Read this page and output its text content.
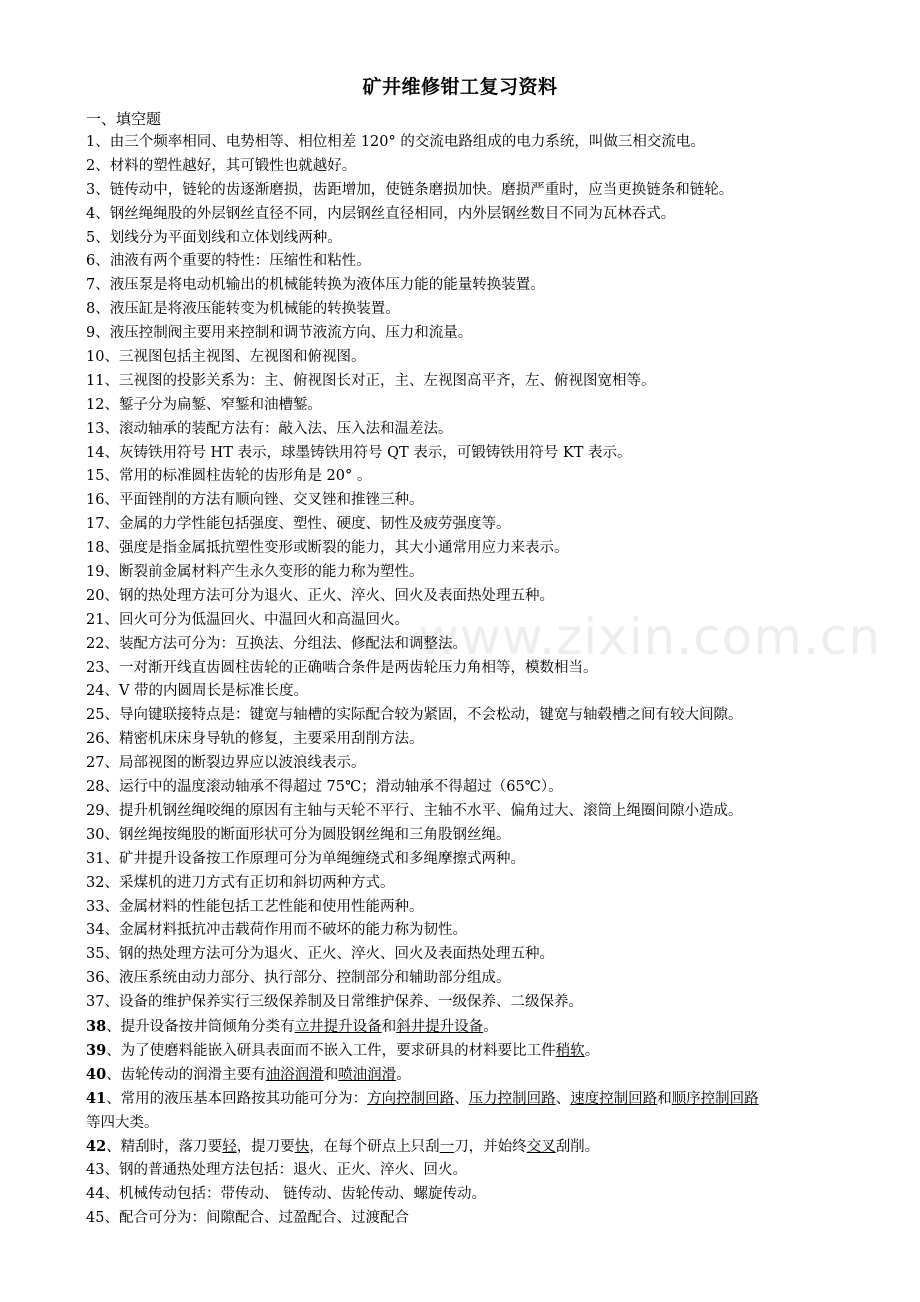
矿井维修钳工复习资料
一、填空题
www.zixin.com.cn
1、由三个频率相同、电势相等、相位相差 120° 的交流电路组成的电力系统，叫做三相交流电。
2、材料的塑性越好，其可锻性也就越好。
3、链传动中，链轮的齿逐渐磨损，齿距增加，使链条磨损加快。磨损严重时，应当更换链条和链轮。
4、钢丝绳绳股的外层钢丝直径不同，内层钢丝直径相同，内外层钢丝数目不同为瓦林吞式。
5、划线分为平面划线和立体划线两种。
6、油液有两个重要的特性：压缩性和粘性。
7、液压泵是将电动机输出的机械能转换为液体压力能的能量转换装置。
8、液压缸是将液压能转变为机械能的转换装置。
9、液压控制阀主要用来控制和调节液流方向、压力和流量。
10、三视图包括主视图、左视图和俯视图。
11、三视图的投影关系为：主、俯视图长对正，主、左视图高平齐，左、俯视图宽相等。
12、錾子分为扁錾、窄錾和油槽錾。
13、滚动轴承的装配方法有：敲入法、压入法和温差法。
14、灰铸铁用符号 HT 表示，球墨铸铁用符号 QT 表示，可锻铸铁用符号 KT 表示。
15、常用的标准圆柱齿轮的齿形角是 20° 。
16、平面锉削的方法有顺向锉、交叉锉和推锉三种。
17、金属的力学性能包括强度、塑性、硬度、韧性及疲劳强度等。
18、强度是指金属抵抗塑性变形或断裂的能力，其大小通常用应力来表示。
19、断裂前金属材料产生永久变形的能力称为塑性。
20、钢的热处理方法可分为退火、正火、淬火、回火及表面热处理五种。
21、回火可分为低温回火、中温回火和高温回火。
22、装配方法可分为：互换法、分组法、修配法和调整法。
23、一对渐开线直齿圆柱齿轮的正确啮合条件是两齿轮压力角相等，模数相当。
24、V 带的内圆周长是标准长度。
25、导向键联接特点是：键宽与轴槽的实际配合较为紧固，不会松动，键宽与轴毂槽之间有较大间隙。
26、精密机床床身导轨的修复，主要采用刮削方法。
27、局部视图的断裂边界应以波浪线表示。
28、运行中的温度滚动轴承不得超过 75℃；滑动轴承不得超过（65℃）。
29、提升机钢丝绳咬绳的原因有主轴与天轮不平行、主轴不水平、偏角过大、滚筒上绳圈间隙小造成。
30、钢丝绳按绳股的断面形状可分为圆股钢丝绳和三角股钢丝绳。
31、矿井提升设备按工作原理可分为单绳缠绕式和多绳摩擦式两种。
32、采煤机的进刀方式有正切和斜切两种方式。
33、金属材料的性能包括工艺性能和使用性能两种。
34、金属材料抵抗冲击载荷作用而不破坏的能力称为韧性。
35、钢的热处理方法可分为退火、正火、淬火、回火及表面热处理五种。
36、液压系统由动力部分、执行部分、控制部分和辅助部分组成。
37、设备的维护保养实行三级保养制及日常维护保养、一级保养、二级保养。
38、提升设备按井筒倾角分类有立井提升设备和斜井提升设备。
39、为了使磨料能嵌入研具表面而不嵌入工件，要求研具的材料要比工件稍软。
40、齿轮传动的润滑主要有油浴润滑和喷油润滑。
41、常用的液压基本回路按其功能可分为：方向控制回路、压力控制回路、速度控制回路和顺序控制回路
等四大类。
42、精刮时，落刀要轻，提刀要快，在每个研点上只刮一刀，并始终交叉刮削。
43、钢的普通热处理方法包括：退火、正火、淬火、回火。
44、机械传动包括：带传动、 链传动、齿轮传动、螺旋传动。
45、配合可分为：间隙配合、过盈配合、过渡配合
